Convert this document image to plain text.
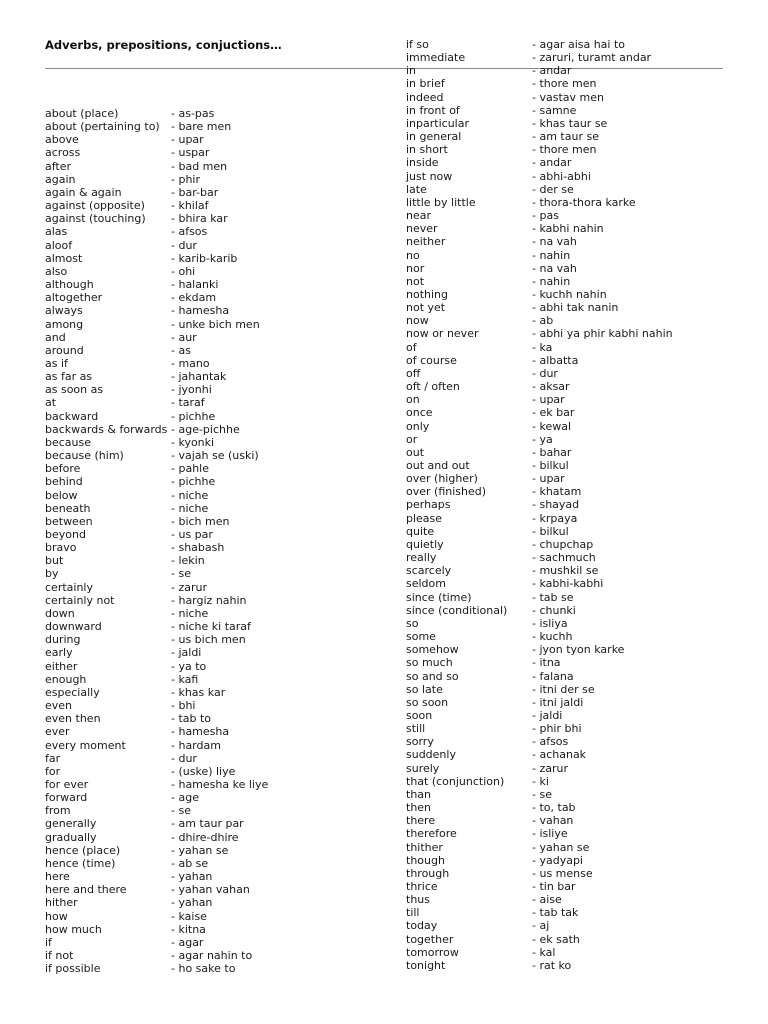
Adverbs, prepositions, conjuctions…
about (place)	- as-pas
about (pertaining to) - bare men
above	- upar
across	- uspar
after	- bad men
again	- phir
again & again	- bar-bar
against (opposite) - khilaf
against (touching) - bhira kar
alas	- afsos
aloof	- dur
almost	- karib-karib
also	- ohi
although	- halanki
altogether	- ekdam
always	- hamesha
among	- unke bich men
and	- aur
around	- as
as if	- mano
as far as	- jahantak
as soon as	- jyonhi
at	- taraf
backward	- pichhe
backwards & forwards - age-pichhe
because	- kyonki
because (him)	- vajah se (uski)
before	- pahle
behind	- pichhe
below	- niche
beneath	- niche
between	- bich men
beyond	- us par
bravo	- shabash
but	- lekin
by	- se
certainly	- zarur
certainly not	- hargiz nahin
down	- niche
downward	- niche ki taraf
during	- us bich men
early	- jaldi
either	- ya to
enough	- kafi
especially	- khas kar
even	- bhi
even then	- tab to
ever	- hamesha
every moment	- hardam
far	- dur
for	- (uske) liye
for ever	- hamesha ke liye
forward	- age
from	- se
generally	- am taur par
gradually	- dhire-dhire
hence (place)	- yahan se
hence (time)	- ab se
here	- yahan
here and there	- yahan vahan
hither	- yahan
how	- kaise
how much	- kitna
if	- agar
if not	- agar nahin to
if possible	- ho sake to
if so	- agar aisa hai to
immediate	- zaruri, turamt andar
in	- andar
in brief	- thore men
indeed	- vastav men
in front of	- samne
inparticular	- khas taur se
in general	- am taur se
in short	- thore men
inside	- andar
just now	- abhi-abhi
late	- der se
little by little	- thora-thora karke
near	- pas
never	- kabhi nahin
neither	- na vah
no	- nahin
nor	- na vah
not	- nahin
nothing	- kuchh nahin
not yet	- abhi tak nanin
now	- ab
now or never	- abhi ya phir kabhi nahin
of	- ka
of course	- albatta
off	- dur
oft / often	- aksar
on	- upar
once	- ek bar
only	- kewal
or	- ya
out	- bahar
out and out	- bilkul
over (higher)	- upar
over (finished)	- khatam
perhaps	- shayad
please	- krpaya
quite	- bilkul
quietly	- chupchap
really	- sachmuch
scarcely	- mushkil se
seldom	- kabhi-kabhi
since (time)	- tab se
since (conditional) - chunki
so	- isliya
some	- kuchh
somehow	- jyon tyon karke
so much	- itna
so and so	- falana
so late	- itni der se
so soon	- itni jaldi
soon	- jaldi
still	- phir bhi
sorry	- afsos
suddenly	- achanak
surely	- zarur
that (conjunction)	- ki
than	- se
then	- to, tab
there	- vahan
therefore	- isliye
thither	- yahan se
though	- yadyapi
through	- us mense
thrice	- tin bar
thus	- aise
till	- tab tak
today	- aj
together	- ek sath
tomorrow	- kal
tonight	- rat ko
